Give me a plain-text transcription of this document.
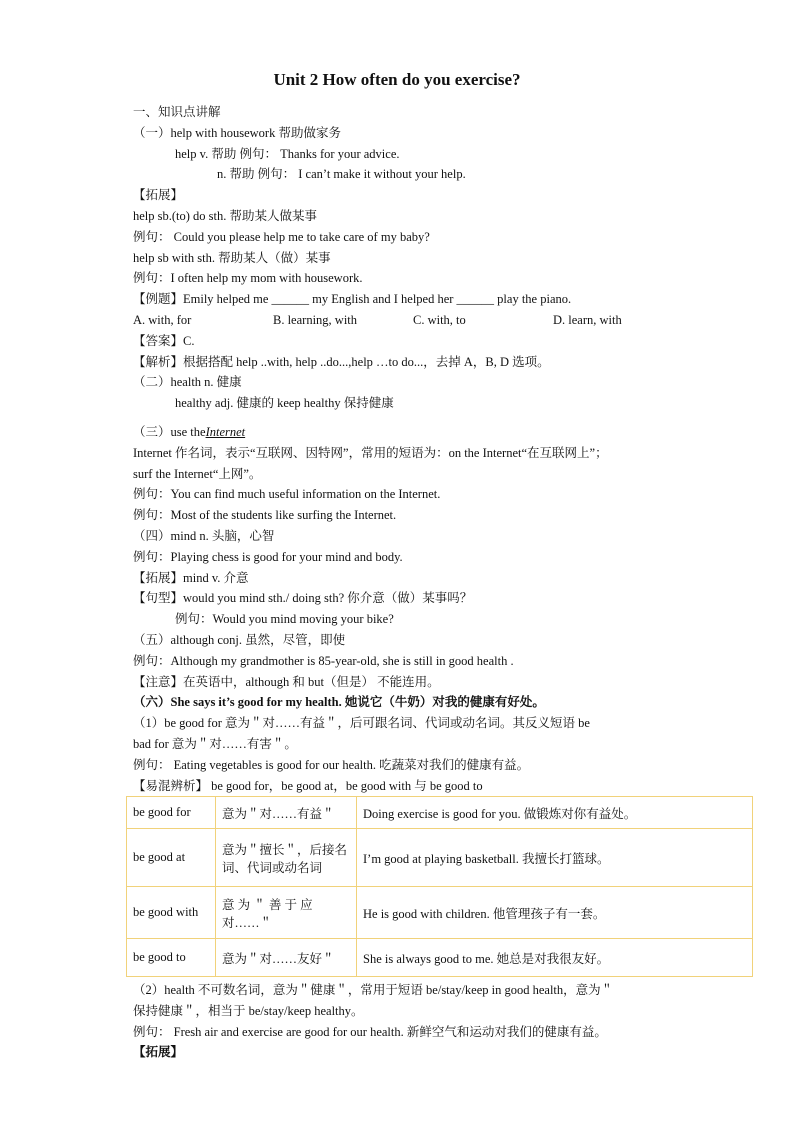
Unit 2 How often do you exercise?
一、知识点讲解
（一）help with housework 帮助做家务
help v. 帮助 例句： Thanks for your advice.
n. 帮助 例句： I can’t make it without your help.
【拓展】
help sb.(to) do sth. 帮助某人做某事
例句： Could you please help me to take care of my baby?
help sb with sth. 帮助某人（做）某事
例句：I often help my mom with housework.
【例题】Emily helped me ______ my English and I helped her ______ play the piano.
A. with, for	B. learning, with	C. with, to	D. learn, with
【答案】C.
【解析】根据搭配 help ..with, help ..do...,help …to do...，去掉 A，B, D 选项。
（二）health n. 健康
healthy adj. 健康的 keep healthy 保持健康
（三）use theInternet
Internet 作名词，表示“互联网、因特网”，常用的短语为：on the Internet“在互联网上”；
surf the Internet“上网”。
例句：You can find much useful information on the Internet.
例句：Most of the students like surfing the Internet.
（四）mind n. 头脑，心智
例句：Playing chess is good for your mind and body.
【拓展】mind v. 介意
【句型】would you mind sth./ doing sth? 你介意（做）某事吗？
例句：Would you mind moving your bike?
（五）although conj. 虽然，尽管，即使
例句：Although my grandmother is 85-year-old, she is still in good health .
【注意】在英语中，although 和 but（但是） 不能连用。
（六）She says it’s good for my health. 她说它（牛奶）对我的健康有好处。
（1）be good for 意为＂对……有益＂，后可跟名词、代词或动名词。其反义短语 be
bad for 意为＂对……有害＂。
例句： Eating vegetables is good for our health. 吃蔬菜对我们的健康有益。
【易混辨析】 be good for，be good at，be good with 与 be good to
be good for	意为＂对……有益＂	Doing exercise is good for you. 做锻炼对你有益处。
be good at	意为＂擅长＂，后接名词、代词或动名词	I’m good at playing basketball. 我擅长打篮球。
be good with	意 为 ＂ 善 于 应 对……＂	He is good with children. 他管理孩子有一套。
be good to	意为＂对……友好＂	She is always good to me. 她总是对我很友好。
（2）health 不可数名词，意为＂健康＂，常用于短语 be/stay/keep in good health，意为＂
保持健康＂，相当于 be/stay/keep healthy。
例句： Fresh air and exercise are good for our health. 新鲜空气和运动对我们的健康有益。
【拓展】
